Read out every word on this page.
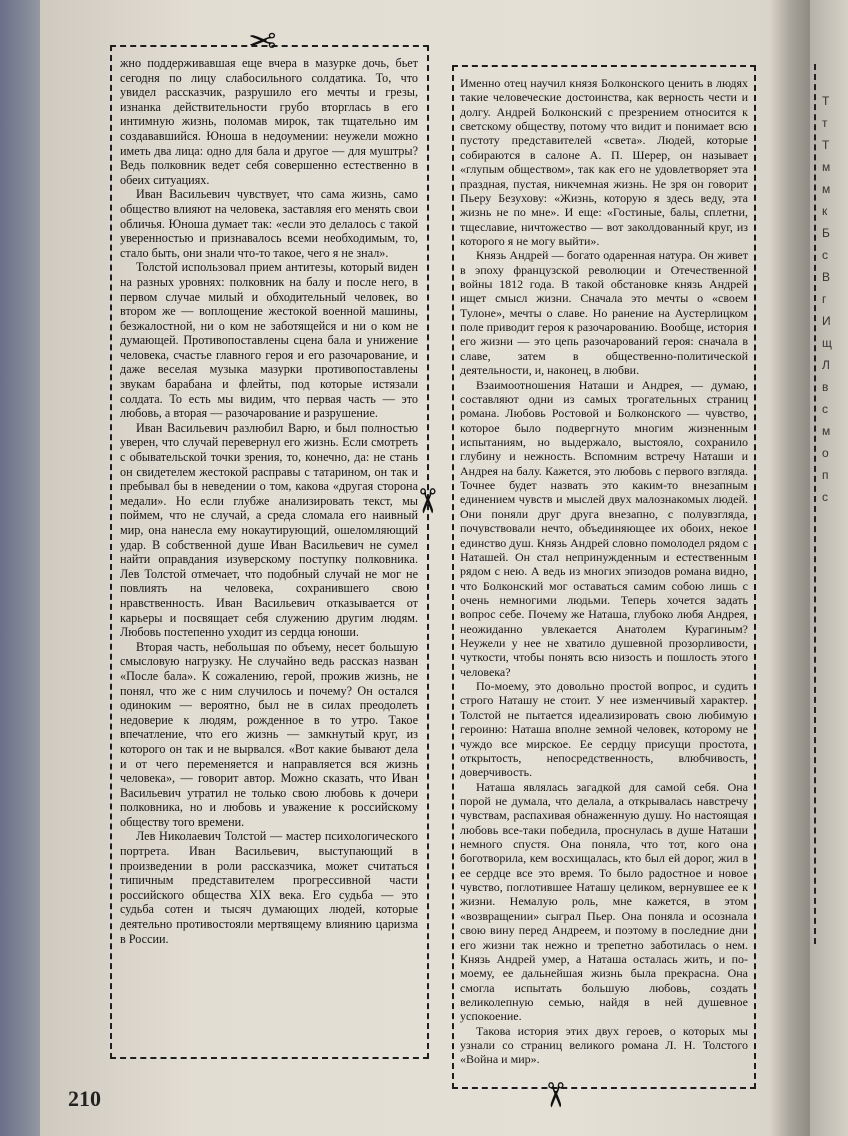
Т
т
Т
м
м
к
Б
с
В
г
И
щ
Л
в
с
м
о
п
с
✂
✂
✂

жно поддерживавшая еще вчера в мазурке дочь, бьет сегодня по лицу слабосильного солдатика. То, что увидел рассказчик, разрушило его мечты и грезы, изнанка действительности грубо вторглась в его интимную жизнь, поломав мирок, так тщательно им создававшийся. Юноша в недоумении: неужели можно иметь два лица: одно для бала и другое — для муштры? Ведь полковник ведет себя совершенно естественно в обеих ситуациях.

Иван Васильевич чувствует, что сама жизнь, само общество влияют на человека, заставляя его менять свои обличья. Юноша думает так: «если это делалось с такой уверенностью и признавалось всеми необходимым, то, стало быть, они знали что-то такое, чего я не знал».

Толстой использовал прием антитезы, который виден на разных уровнях: полковник на балу и после него, в первом случае милый и обходительный человек, во втором же — воплощение жестокой военной машины, безжалостной, ни о ком не заботящейся и ни о ком не думающей. Противопоставлены сцена бала и унижение человека, счастье главного героя и его разочарование, и даже веселая музыка мазурки противопоставлены звукам барабана и флейты, под которые истязали солдата. То есть мы видим, что первая часть — это любовь, а вторая — разочарование и разрушение.

Иван Васильевич разлюбил Варю, и был полностью уверен, что случай перевернул его жизнь. Если смотреть с обывательской точки зрения, то, конечно, да: не стань он свидетелем жестокой расправы с татарином, он так и пребывал бы в неведении о том, какова «другая сторона медали». Но если глубже анализировать текст, мы поймем, что не случай, а среда сломала его наивный мир, она нанесла ему нокаутирующий, ошеломляющий удар. В собственной душе Иван Васильевич не сумел найти оправдания изуверскому поступку полковника. Лев Толстой отмечает, что подобный случай не мог не повлиять на человека, сохранившего свою нравственность. Иван Васильевич отказывается от карьеры и посвящает себя служению другим людям. Любовь постепенно уходит из сердца юноши.

Вторая часть, небольшая по объему, несет большую смысловую нагрузку. Не случайно ведь рассказ назван «После бала». К сожалению, герой, прожив жизнь, не понял, что же с ним случилось и почему? Он остался одиноким — вероятно, был не в силах преодолеть недоверие к людям, рожденное в то утро. Такое впечатление, что его жизнь — замкнутый круг, из которого он так и не вырвался. «Вот какие бывают дела и от чего переменяется и направляется вся жизнь человека», — говорит автор. Можно сказать, что Иван Васильевич утратил не только свою любовь к дочери полковника, но и любовь и уважение к российскому обществу того времени.

Лев Николаевич Толстой — мастер психологического портрета. Иван Васильевич, выступающий в произведении в роли рассказчика, может считаться типичным представителем прогрессивной части российского общества XIX века. Его судьба — это судьба сотен и тысяч думающих людей, которые деятельно противостояли мертвящему влиянию царизма в России.

Именно отец научил князя Болконского ценить в людях такие человеческие достоинства, как верность чести и долгу. Андрей Болконский с презрением относится к светскому обществу, потому что видит и понимает всю пустоту представителей «света». Людей, которые собираются в салоне А. П. Шерер, он называет «глупым обществом», так как его не удовлетворяет эта праздная, пустая, никчемная жизнь. Не зря он говорит Пьеру Безухову: «Жизнь, которую я здесь веду, эта жизнь не по мне». И еще: «Гостиные, балы, сплетни, тщеславие, ничтожество — вот заколдованный круг, из которого я не могу выйти».

Князь Андрей — богато одаренная натура. Он живет в эпоху французской революции и Отечественной войны 1812 года. В такой обстановке князь Андрей ищет смысл жизни. Сначала это мечты о «своем Тулоне», мечты о славе. Но ранение на Аустерлицком поле приводит героя к разочарованию. Вообще, история его жизни — это цепь разочарований героя: сначала в славе, затем в общественно-политической деятельности, и, наконец, в любви.

Взаимоотношения Наташи и Андрея, — думаю, составляют одни из самых трогательных страниц романа. Любовь Ростовой и Болконского — чувство, которое было подвергнуто многим жизненным испытаниям, но выдержало, выстояло, сохранило глубину и нежность. Вспомним встречу Наташи и Андрея на балу. Кажется, это любовь с первого взгляда. Точнее будет назвать это каким-то внезапным единением чувств и мыслей двух малознакомых людей. Они поняли друг друга внезапно, с полувзгляда, почувствовали нечто, объединяющее их обоих, некое единство душ. Князь Андрей словно помолодел рядом с Наташей. Он стал непринужденным и естественным рядом с нею. А ведь из многих эпизодов романа видно, что Болконский мог оставаться самим собою лишь с очень немногими людьми. Теперь хочется задать вопрос себе. Почему же Наташа, глубоко любя Андрея, неожиданно увлекается Анатолем Курагиным? Неужели у нее не хватило душевной прозорливости, чуткости, чтобы понять всю низость и пошлость этого человека?

По-моему, это довольно простой вопрос, и судить строго Наташу не стоит. У нее изменчивый характер. Толстой не пытается идеализировать свою любимую героиню: Наташа вполне земной человек, которому не чуждо все мирское. Ее сердцу присущи простота, открытость, непосредственность, влюбчивость, доверчивость.

Наташа являлась загадкой для самой себя. Она порой не думала, что делала, а открывалась навстречу чувствам, распахивая обнаженную душу. Но настоящая любовь все-таки победила, проснулась в душе Наташи немного спустя. Она поняла, что тот, кого она боготворила, кем восхищалась, кто был ей дорог, жил в ее сердце все это время. То было радостное и новое чувство, поглотившее Наташу целиком, вернувшее ее к жизни. Немалую роль, мне кажется, в этом «возвращении» сыграл Пьер. Она поняла и осознала свою вину перед Андреем, и поэтому в последние дни его жизни так нежно и трепетно заботилась о нем. Князь Андрей умер, а Наташа осталась жить, и по-моему, ее дальнейшая жизнь была прекрасна. Она смогла испытать большую любовь, создать великолепную семью, найдя в ней душевное успокоение.

Такова история этих двух героев, о которых мы узнали со страниц великого романа Л. Н. Толстого «Война и мир».

210
